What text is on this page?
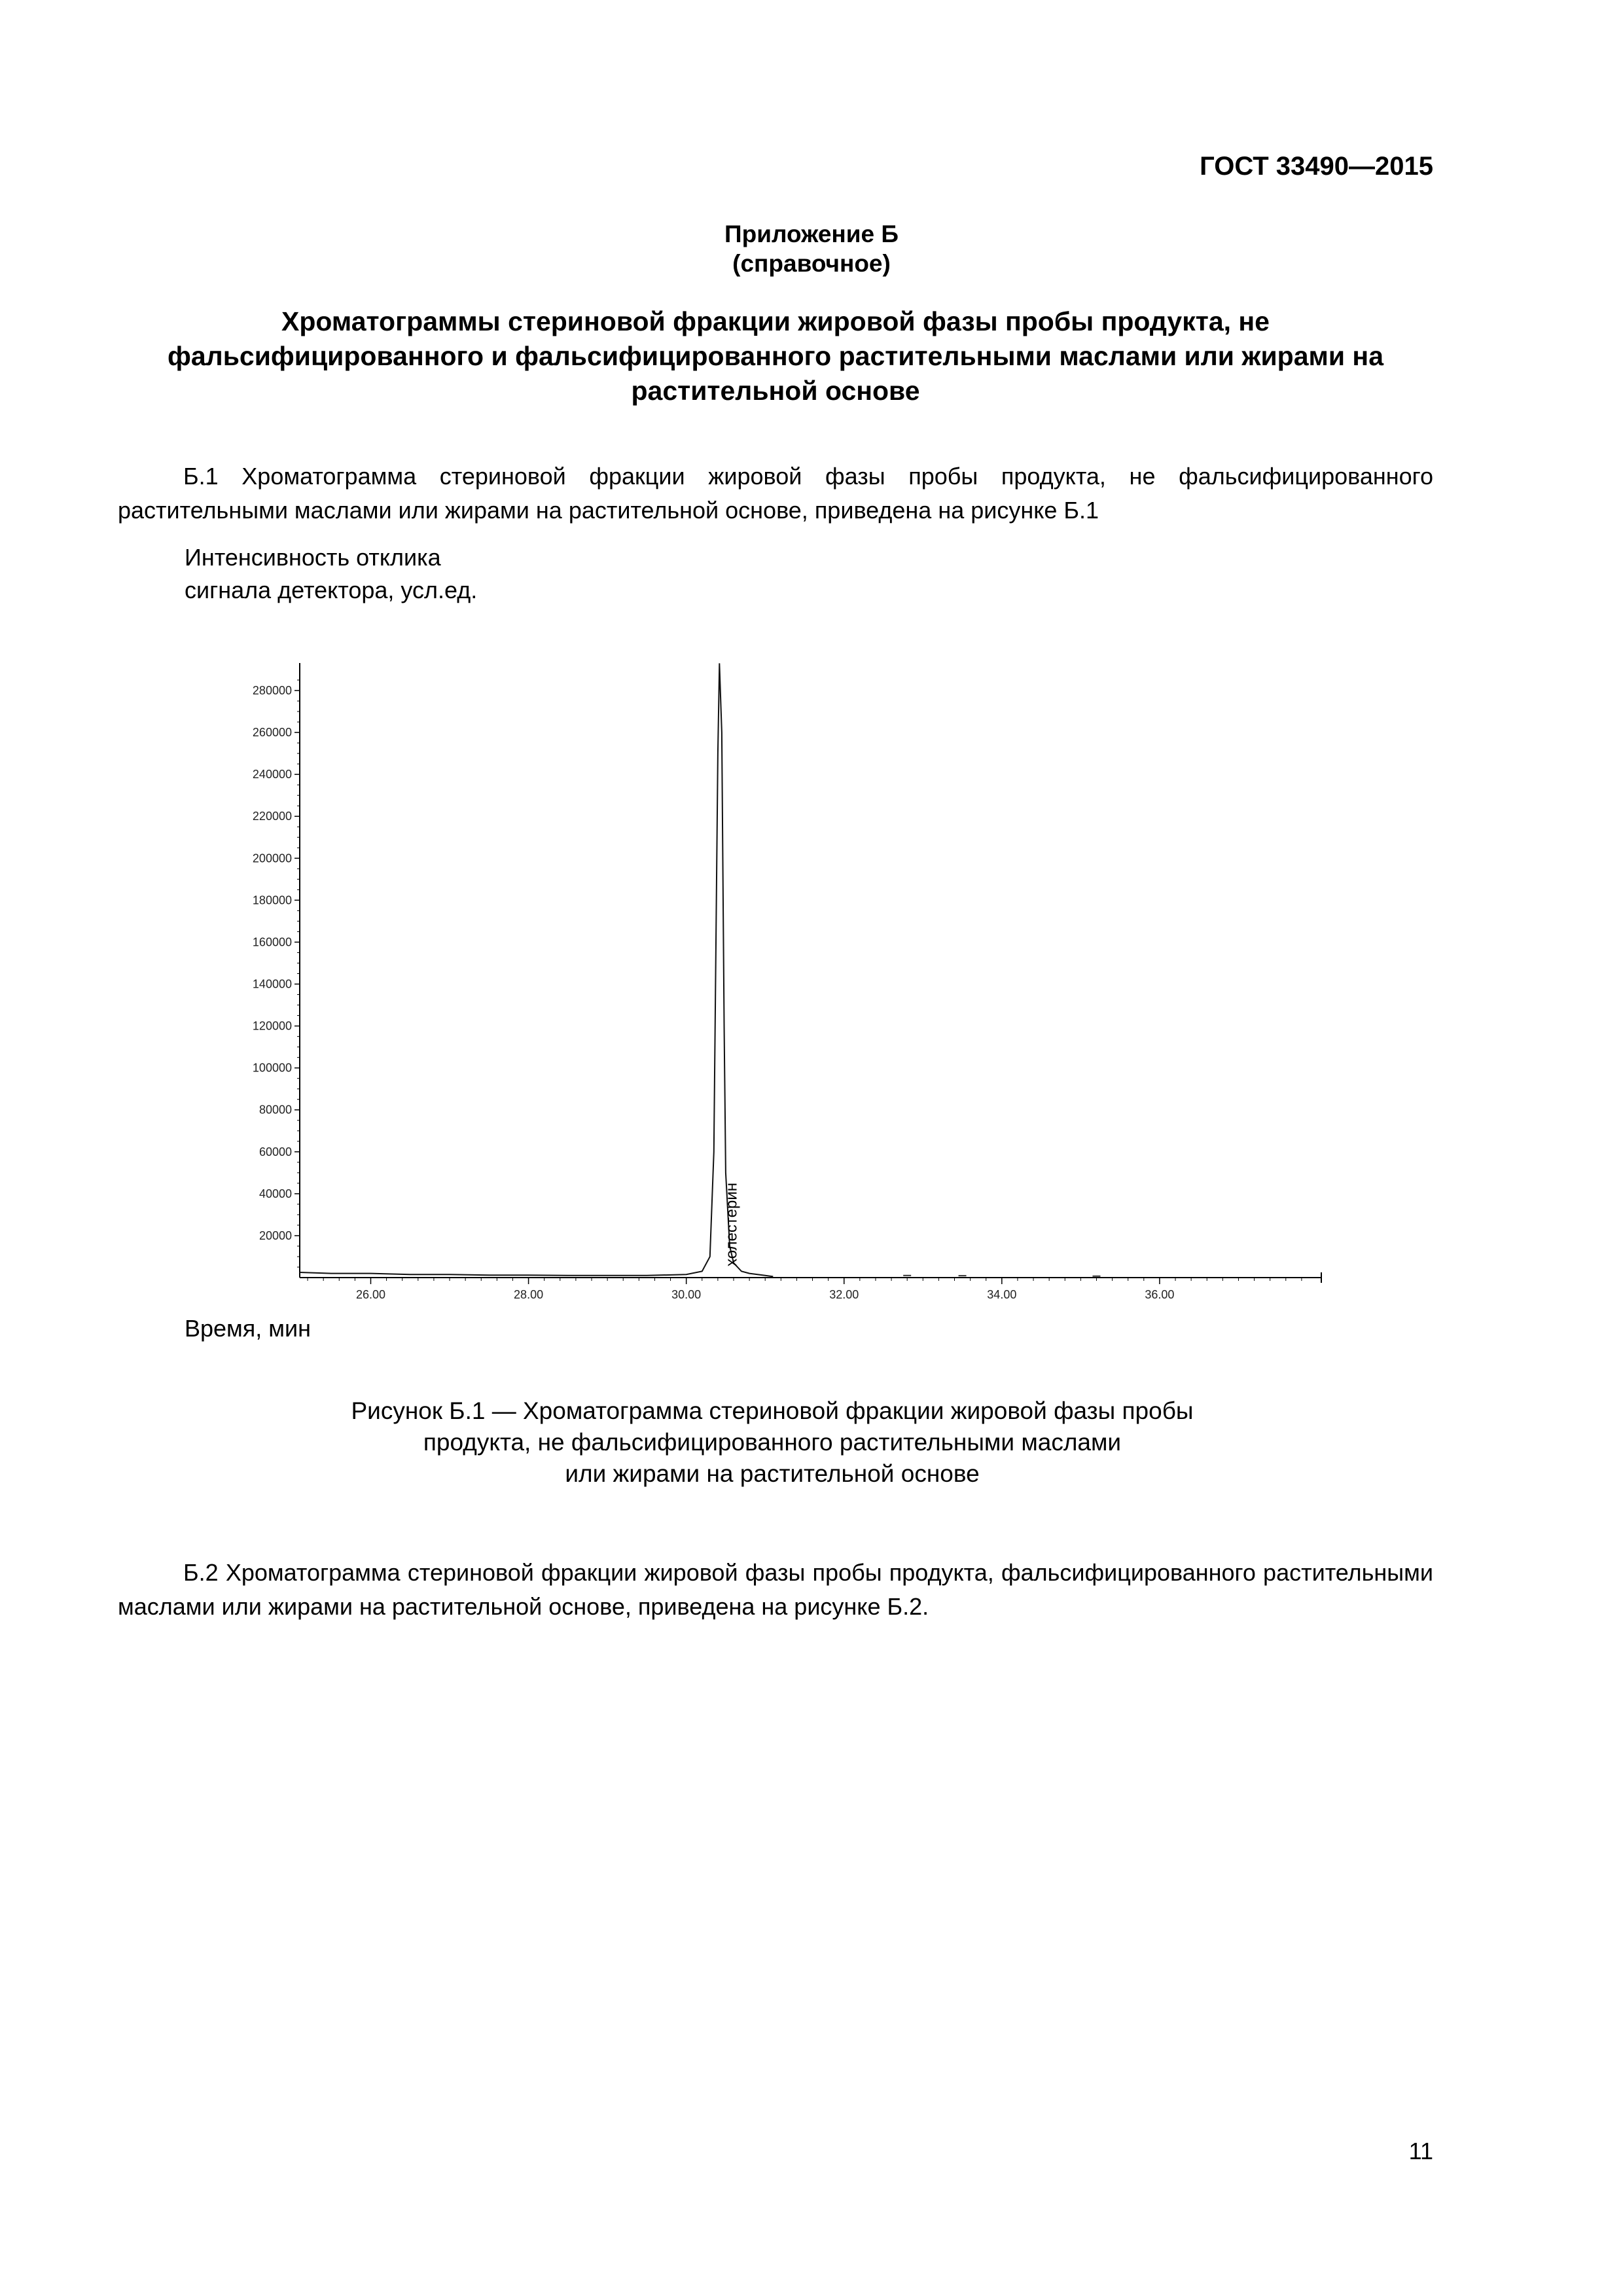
ГОСТ 33490—2015
Приложение Б
(справочное)
Хроматограммы стериновой фракции жировой фазы пробы продукта, не
фальсифицированного и фальсифицированного растительными маслами или жирами на
растительной основе
Б.1 Хроматограмма стериновой фракции жировой фазы пробы продукта, не фальсифицированного растительными маслами или жирами на растительной основе, приведена на рисунке Б.1
Интенсивность отклика
сигнала детектора, усл.ед.
20000
40000
60000
80000
100000
120000
140000
160000
180000
200000
220000
240000
260000
280000
26.00	28.00	30.00	32.00	34.00	36.00
холестерин
Время, мин
Рисунок Б.1 — Хроматограмма стериновой фракции жировой фазы пробы
продукта, не фальсифицированного растительными маслами
или жирами на растительной основе
Б.2 Хроматограмма стериновой фракции жировой фазы пробы продукта, фальсифицированного растительными маслами или жирами на растительной основе, приведена на рисунке Б.2.
11
